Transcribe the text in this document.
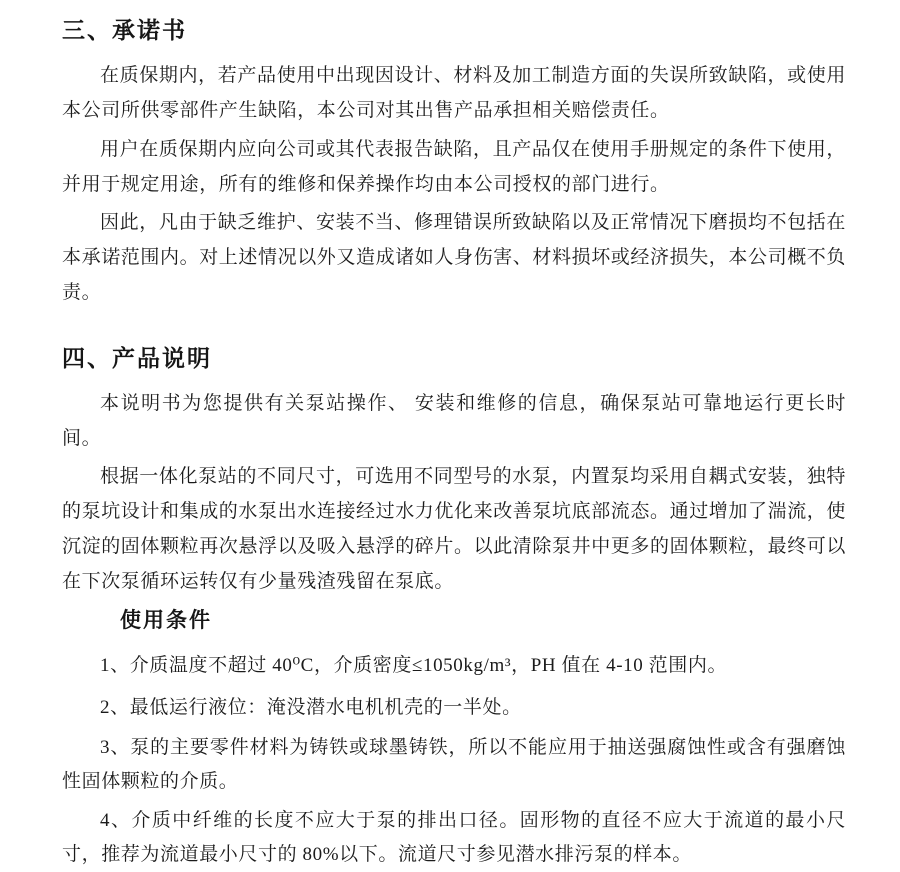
三、承诺书

在质保期内，若产品使用中出现因设计、材料及加工制造方面的失误所致缺陷，或使用本公司所供零部件产生缺陷，本公司对其出售产品承担相关赔偿责任。

用户在质保期内应向公司或其代表报告缺陷，且产品仅在使用手册规定的条件下使用，并用于规定用途，所有的维修和保养操作均由本公司授权的部门进行。

因此，凡由于缺乏维护、安装不当、修理错误所致缺陷以及正常情况下磨损均不包括在本承诺范围内。对上述情况以外又造成诸如人身伤害、材料损坏或经济损失，本公司概不负责。

四、产品说明

本说明书为您提供有关泵站操作、 安装和维修的信息，确保泵站可靠地运行更长时间。

根据一体化泵站的不同尺寸，可选用不同型号的水泵，内置泵均采用自耦式安装，独特的泵坑设计和集成的水泵出水连接经过水力优化来改善泵坑底部流态。通过增加了湍流，使沉淀的固体颗粒再次悬浮以及吸入悬浮的碎片。以此清除泵井中更多的固体颗粒，最终可以在下次泵循环运转仅有少量残渣残留在泵底。

使用条件

1、介质温度不超过 40⁰C，介质密度≤1050kg/m³，PH 值在 4-10 范围内。

2、最低运行液位：淹没潜水电机机壳的一半处。

3、泵的主要零件材料为铸铁或球墨铸铁，所以不能应用于抽送强腐蚀性或含有强磨蚀性固体颗粒的介质。

4、介质中纤维的长度不应大于泵的排出口径。固形物的直径不应大于流道的最小尺寸，推荐为流道最小尺寸的 80%以下。流道尺寸参见潜水排污泵的样本。
